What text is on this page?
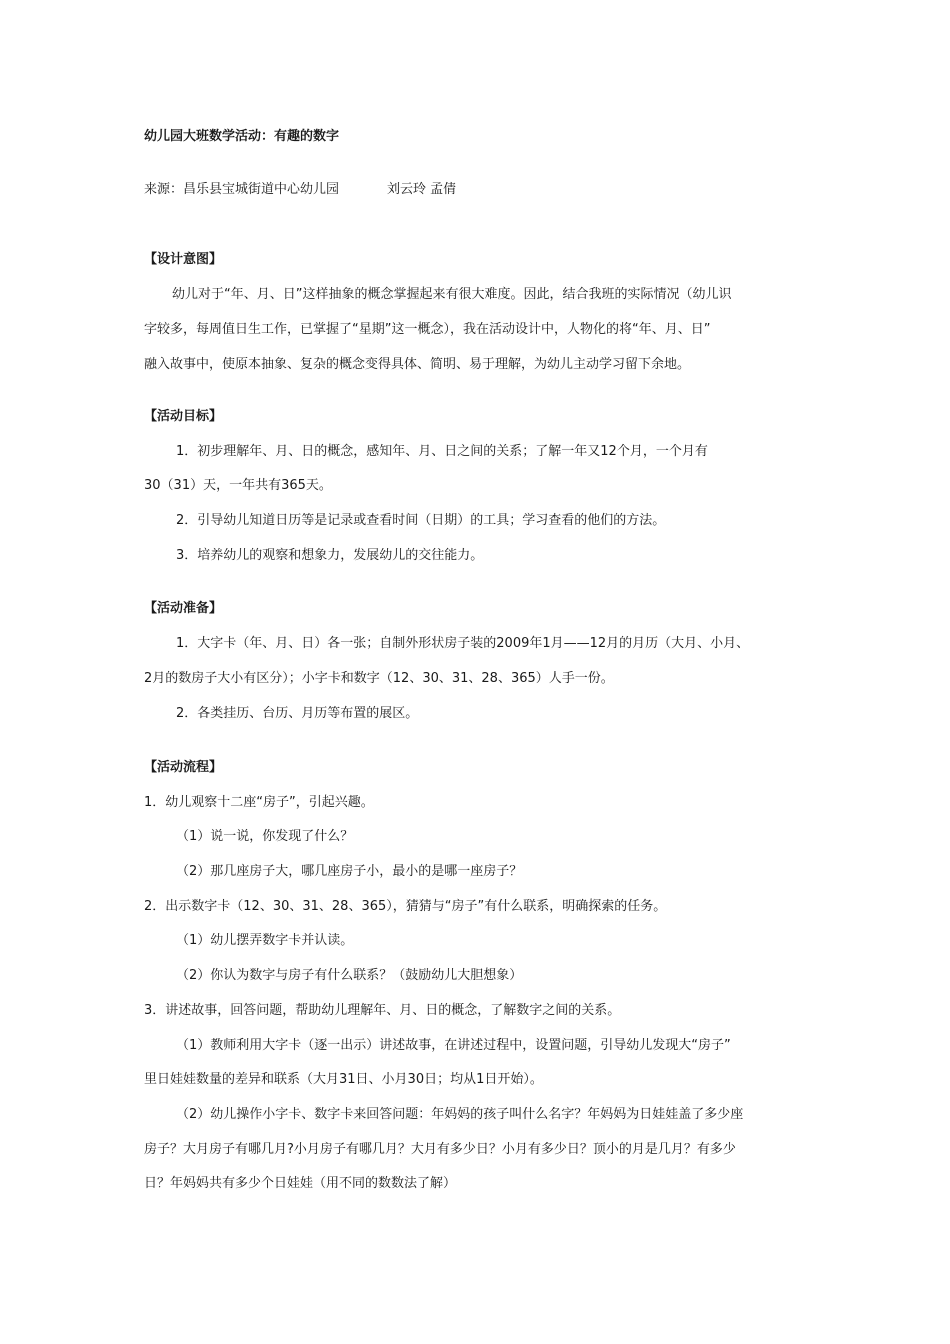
幼儿园大班数学活动：有趣的数字
来源：昌乐县宝城街道中心幼儿园	刘云玲 孟倩
【设计意图】
幼儿对于“年、月、日”这样抽象的概念掌握起来有很大难度。因此，结合我班的实际情况（幼儿识
字较多，每周值日生工作，已掌握了“星期”这一概念），我在活动设计中，人物化的将“年、月、日”
融入故事中，使原本抽象、复杂的概念变得具体、简明、易于理解，为幼儿主动学习留下余地。
【活动目标】
1．初步理解年、月、日的概念，感知年、月、日之间的关系；了解一年又12个月，一个月有
30（31）天，一年共有365天。
2．引导幼儿知道日历等是记录或查看时间（日期）的工具；学习查看的他们的方法。
3．培养幼儿的观察和想象力，发展幼儿的交往能力。
【活动准备】
1．大字卡（年、月、日）各一张；自制外形状房子装的2009年1月——12月的月历（大月、小月、
2月的数房子大小有区分）；小字卡和数字（12、30、31、28、365）人手一份。
2．各类挂历、台历、月历等布置的展区。
【活动流程】
1．幼儿观察十二座“房子”，引起兴趣。
（1）说一说，你发现了什么？
（2）那几座房子大，哪几座房子小，最小的是哪一座房子？
2．出示数字卡（12、30、31、28、365），猜猜与“房子”有什么联系，明确探索的任务。
（1）幼儿摆弄数字卡并认读。
（2）你认为数字与房子有什么联系？（鼓励幼儿大胆想象）
3．讲述故事，回答问题，帮助幼儿理解年、月、日的概念，了解数字之间的关系。
（1）教师利用大字卡（逐一出示）讲述故事，在讲述过程中，设置问题，引导幼儿发现大“房子”
里日娃娃数量的差异和联系（大月31日、小月30日；均从1日开始）。
（2）幼儿操作小字卡、数字卡来回答问题：年妈妈的孩子叫什么名字？年妈妈为日娃娃盖了多少座
房子？大月房子有哪几月?小月房子有哪几月？大月有多少日？小月有多少日？顶小的月是几月？有多少
日？年妈妈共有多少个日娃娃（用不同的数数法了解）
